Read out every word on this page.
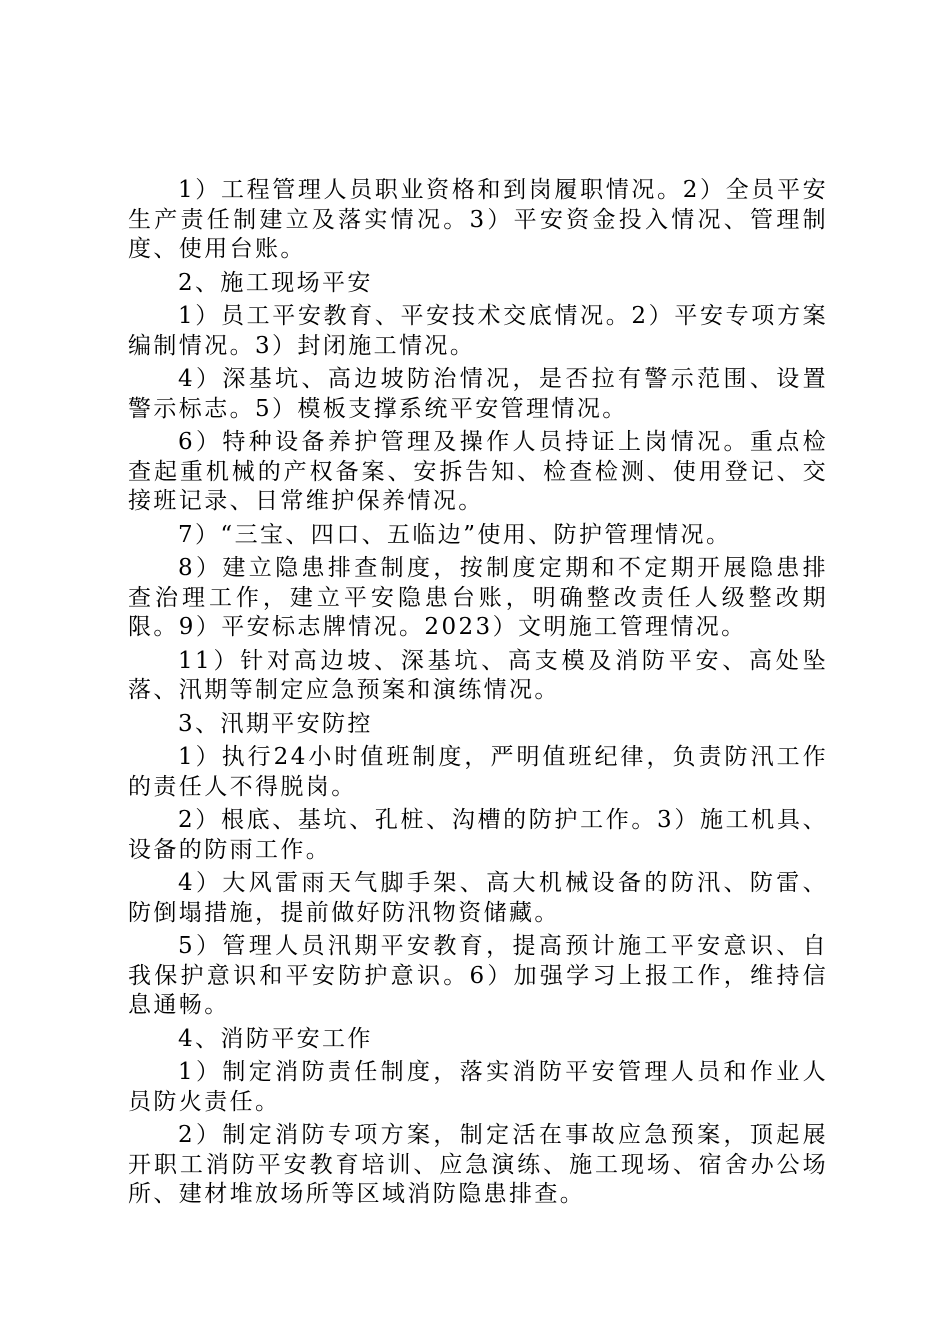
1）工程管理人员职业资格和到岗履职情况。2）全员平安生产责任制建立及落实情况。3）平安资金投入情况、管理制度、使用台账。

2、施工现场平安

1）员工平安教育、平安技术交底情况。2）平安专项方案编制情况。3）封闭施工情况。

4）深基坑、高边坡防治情况，是否拉有警示范围、设置警示标志。5）模板支撑系统平安管理情况。

6）特种设备养护管理及操作人员持证上岗情况。重点检查起重机械的产权备案、安拆告知、检查检测、使用登记、交接班记录、日常维护保养情况。

7）“三宝、四口、五临边”使用、防护管理情况。

8）建立隐患排查制度，按制度定期和不定期开展隐患排查治理工作，建立平安隐患台账，明确整改责任人级整改期限。9）平安标志牌情况。2023）文明施工管理情况。

11）针对高边坡、深基坑、高支模及消防平安、高处坠落、汛期等制定应急预案和演练情况。

3、汛期平安防控

1）执行24小时值班制度，严明值班纪律，负责防汛工作的责任人不得脱岗。

2）根底、基坑、孔桩、沟槽的防护工作。3）施工机具、设备的防雨工作。

4）大风雷雨天气脚手架、高大机械设备的防汛、防雷、防倒塌措施，提前做好防汛物资储藏。

5）管理人员汛期平安教育，提高预计施工平安意识、自我保护意识和平安防护意识。6）加强学习上报工作，维持信息通畅。

4、消防平安工作

1）制定消防责任制度，落实消防平安管理人员和作业人员防火责任。

2）制定消防专项方案，制定活在事故应急预案，顶起展开职工消防平安教育培训、应急演练、施工现场、宿舍办公场所、建材堆放场所等区域消防隐患排查。
